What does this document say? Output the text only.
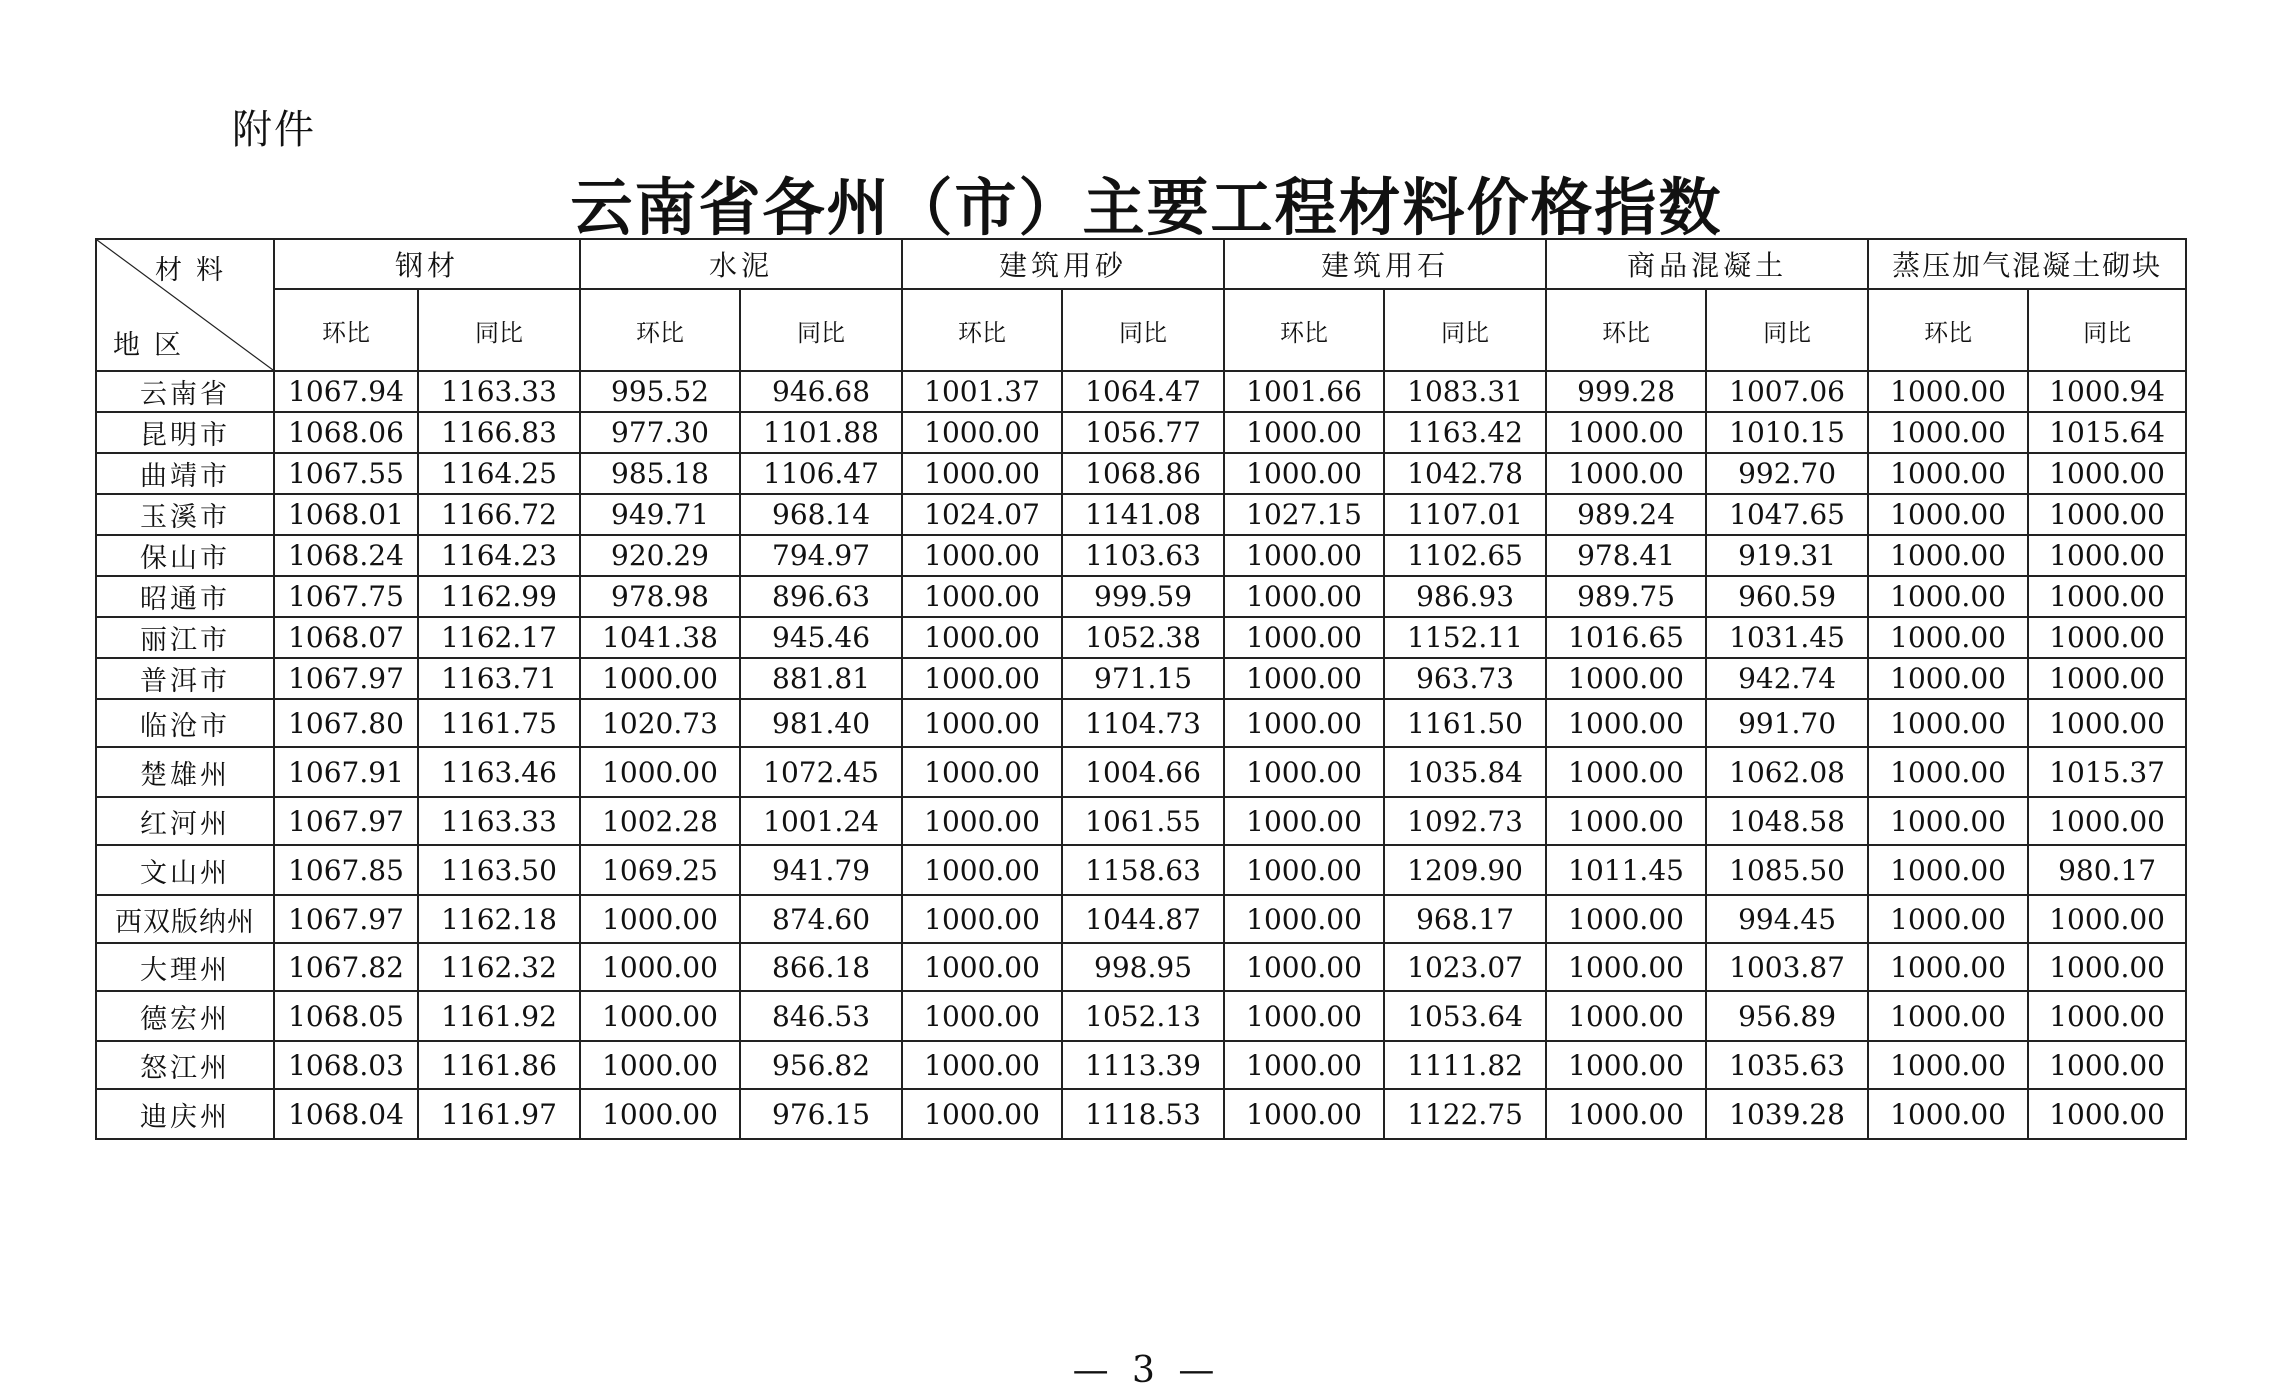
附件
云南省各州（市）主要工程材料价格指数
材料
地区	钢材		水泥		建筑用砂		建筑用石		商品混凝土		蒸压加气混凝土砌块	
	环比	同比	环比	同比	环比	同比	环比	同比	环比	同比	环比	同比
云南省	1067.94	1163.33	995.52	946.68	1001.37	1064.47	1001.66	1083.31	999.28	1007.06	1000.00	1000.94
昆明市	1068.06	1166.83	977.30	1101.88	1000.00	1056.77	1000.00	1163.42	1000.00	1010.15	1000.00	1015.64
曲靖市	1067.55	1164.25	985.18	1106.47	1000.00	1068.86	1000.00	1042.78	1000.00	992.70	1000.00	1000.00
玉溪市	1068.01	1166.72	949.71	968.14	1024.07	1141.08	1027.15	1107.01	989.24	1047.65	1000.00	1000.00
保山市	1068.24	1164.23	920.29	794.97	1000.00	1103.63	1000.00	1102.65	978.41	919.31	1000.00	1000.00
昭通市	1067.75	1162.99	978.98	896.63	1000.00	999.59	1000.00	986.93	989.75	960.59	1000.00	1000.00
丽江市	1068.07	1162.17	1041.38	945.46	1000.00	1052.38	1000.00	1152.11	1016.65	1031.45	1000.00	1000.00
普洱市	1067.97	1163.71	1000.00	881.81	1000.00	971.15	1000.00	963.73	1000.00	942.74	1000.00	1000.00
临沧市	1067.80	1161.75	1020.73	981.40	1000.00	1104.73	1000.00	1161.50	1000.00	991.70	1000.00	1000.00
楚雄州	1067.91	1163.46	1000.00	1072.45	1000.00	1004.66	1000.00	1035.84	1000.00	1062.08	1000.00	1015.37
红河州	1067.97	1163.33	1002.28	1001.24	1000.00	1061.55	1000.00	1092.73	1000.00	1048.58	1000.00	1000.00
文山州	1067.85	1163.50	1069.25	941.79	1000.00	1158.63	1000.00	1209.90	1011.45	1085.50	1000.00	980.17
西双版纳州	1067.97	1162.18	1000.00	874.60	1000.00	1044.87	1000.00	968.17	1000.00	994.45	1000.00	1000.00
大理州	1067.82	1162.32	1000.00	866.18	1000.00	998.95	1000.00	1023.07	1000.00	1003.87	1000.00	1000.00
德宏州	1068.05	1161.92	1000.00	846.53	1000.00	1052.13	1000.00	1053.64	1000.00	956.89	1000.00	1000.00
怒江州	1068.03	1161.86	1000.00	956.82	1000.00	1113.39	1000.00	1111.82	1000.00	1035.63	1000.00	1000.00
迪庆州	1068.04	1161.97	1000.00	976.15	1000.00	1118.53	1000.00	1122.75	1000.00	1039.28	1000.00	1000.00
— 3 —
